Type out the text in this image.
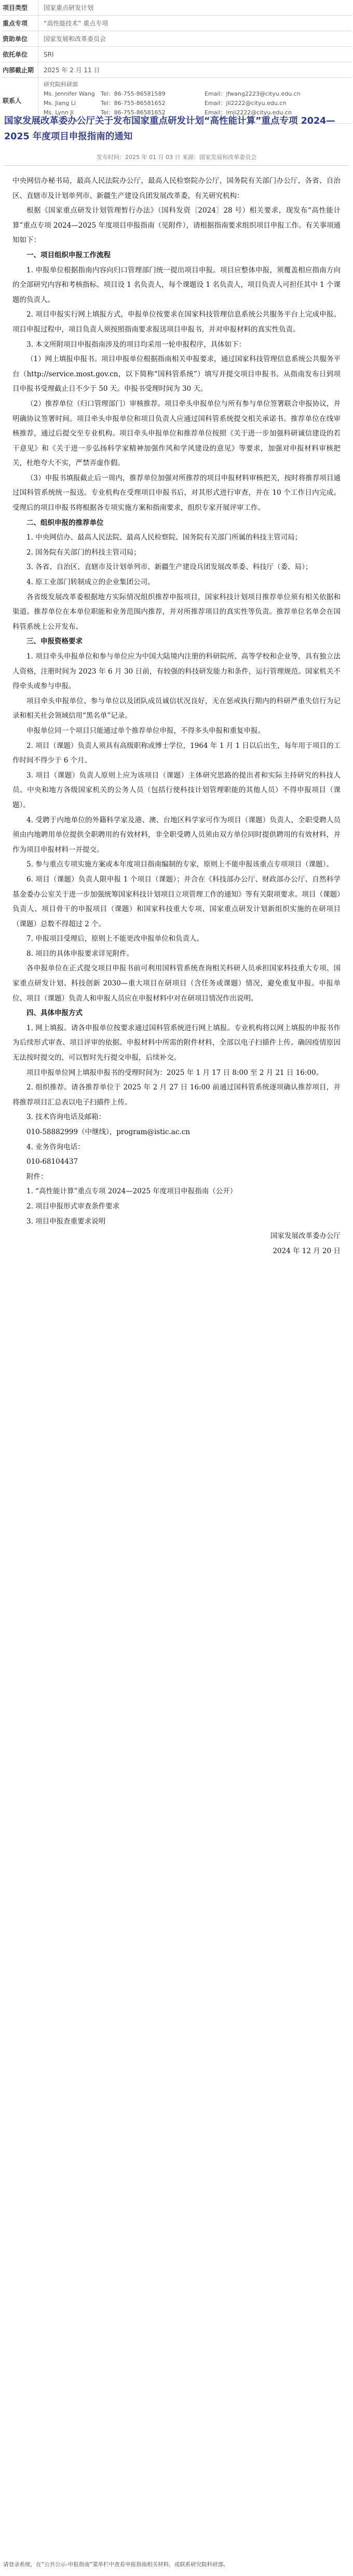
项目类型	国家重点研发计划
重点专项	“高性能技术” 重点专项
资助单位	国家发展和改革委员会
依托单位	SRI
内部截止期	2025 年 2 月 11 日
联系人
研究院科研部
Ms. Jennifer Wang	Tel：86-755-86581589	Email：jfwang2223@cityu.edu.cn
Ms. Jiang Li	Tel：86-755-86581652	Email：jli2222@cityu.edu.cn
Ms. Lynn Ji	Tel：86-755-86581652	Email：lmji2222@cityu.edu.cn
国家发展改革委办公厅关于发布国家重点研发计划“高性能计算”重点专项 2024—2025 年度项目申报指南的通知
发布时间：2025 年 01 月 03 日 来源：国家发展和改革委员会

中央网信办秘书局，最高人民法院办公厅，最高人民检察院办公厅，国务院有关部门办公厅，各省、自治区、直辖市及计划单列市、新疆生产建设兵团发展改革委，有关研究机构：

根据《国家重点研发计划管理暂行办法》（国科发资〔2024〕28 号）相关要求，现发布“高性能计算”重点专项 2024—2025 年度项目申报指南（见附件），请根据指南要求组织项目申报工作。有关事项通知如下：

一、项目组织申报工作流程

1. 申报单位根据指南内容向归口管理部门统一提出项目申报。项目应整体申报，须覆盖相应指南方向的全部研究内容和考核指标。项目设 1 名负责人，每个课题设 1 名负责人，项目负责人可担任其中 1 个课题的负责人。

2. 项目申报实行网上填报方式，申报单位按要求在国家科技管理信息系统公共服务平台上完成申报。项目申报过程中，项目负责人须按照指南要求报送项目申报书，并对申报材料的真实性负责。

3. 本文所附项目申报指南涉及的项目均采用一轮申报程序，具体如下：

（1）网上填报申报书。项目申报单位根据指南相关申报要求，通过国家科技管理信息系统公共服务平台（http://service.most.gov.cn，以下简称“国科管系统”）填写并提交项目申报书。从指南发布日到项目申报书受理截止日不少于 50 天。申报书受理时间为 30 天。

（2）推荐单位（归口管理部门）审核推荐。项目牵头申报单位与所有参与单位签署联合申报协议，并明确协议签署时间。项目牵头申报单位和项目负责人应通过国科管系统提交相关承诺书。推荐单位在线审核推荐，通过后提交至专业机构。项目牵头申报单位和推荐单位按照《关于进一步加强科研诚信建设的若干意见》和《关于进一步弘扬科学家精神加强作风和学风建设的意见》等要求，加强对申报材料审核把关，杜绝夸大不实，严禁弄虚作假。

（3）申报书填报截止后一周内，推荐单位加强对所推荐的项目申报材料审核把关，按时将推荐项目通过国科管系统统一报送。专业机构在受理项目申报书后，对其形式进行审查，并在 10 个工作日内完成。受理后的项目申报书将根据各专项实施方案和指南要求，组织专家开展评审工作。

二、组织申报的推荐单位

1. 中央网信办、最高人民法院、最高人民检察院、国务院有关部门所属的科技主管司局；

2. 国务院有关部门的科技主管司局；

3. 各省、自治区、直辖市及计划单列市、新疆生产建设兵团发展改革委、科技厅（委、局）；

4. 原工业部门转制成立的企业集团公司。

各省级发展改革委根据地方实际情况组织推荐申报项目，国家科技计划项目推荐单位须有相关依据和渠道。推荐单位在本单位职能和业务范围内推荐，并对所推荐项目的真实性等负责。推荐单位名单会在国科管系统上公开发布。

三、申报资格要求

1. 项目牵头申报单位和参与单位应为中国大陆境内注册的科研院所、高等学校和企业等，具有独立法人资格，注册时间为 2023 年 6 月 30 日前，有较强的科技研发能力和条件，运行管理规范。国家机关不得牵头或参与申报。

项目牵头申报单位、参与单位以及团队成员诚信状况良好，无在惩戒执行期内的科研严重失信行为记录和相关社会领域信用“黑名单”记录。

申报单位同一个项目只能通过单个推荐单位申报，不得多头申报和重复申报。

2. 项目（课题）负责人须具有高级职称或博士学位，1964 年 1 月 1 日以后出生，每年用于项目的工作时间不得少于 6 个月。

3. 项目（课题）负责人原则上应为该项目（课题）主体研究思路的提出者和实际主持研究的科技人员。中央和地方各级国家机关的公务人员（包括行使科技计划管理职能的其他人员）不得申报项目（课题）。

4. 受聘于内地单位的外籍科学家及港、澳、台地区科学家可作为项目（课题）负责人，全职受聘人员须由内地聘用单位提供全职聘用的有效材料，非全职受聘人员须由双方单位同时提供聘用的有效材料，并作为项目申报材料一并提交。

5. 参与重点专项实施方案或本年度项目指南编制的专家，原则上不能申报该重点专项项目（课题）。

6. 项目（课题）负责人限申报 1 个项目（课题）；并合在《科技部办公厅、财政部办公厅、自然科学基金委办公室关于进一步加强统筹国家科技计划项目立项管理工作的通知》等有关限项要求。项目（课题）负责人、项目骨干的申报项目（课题）和国家科技重大专项、国家重点研发计划新组织实施的在研项目（课题）总数不得超过 2 个。

7. 申报项目受理后，原则上不能更改申报单位和负责人。

8. 项目的具体申报要求详见附件。

各申报单位在正式提交项目申报书前可利用国科管系统查询相关科研人员承担国家科技重大专项、国家重点研发计划、科技创新 2030—重大项目在研项目（含任务或课题）情况，避免重复申报。申报单位、项目（课题）负责人和申报人员应在申报材料中对在研项目情况作出说明。

四、具体申报方式

1. 网上填报。请各申报单位按要求通过国科管系统进行网上填报。专业机构将以网上填报的申报书作为后续形式审查、项目评审的依据。申报材料中所需的附件材料，全部以电子扫描件上传。确因疫情原因无法按时提交的，可以暂时先行提交申报，后续补交。

项目申报单位网上填报申报书的受理时间为：2025 年 1 月 17 日 8:00 至 2 月 21 日 16:00。

2. 组织推荐。请各推荐单位于 2025 年 2 月 27 日 16:00 前通过国科管系统逐项确认推荐项目，并将推荐项目汇总表以电子扫描件上传。

3. 技术咨询电话及邮箱：

010-58882999（中继线），program@istic.ac.cn

4. 业务咨询电话：

010-68104437

附件：

1. “高性能计算”重点专项 2024—2025 年度项目申报指南（公开）

2. 项目申报形式审查条件要求

3. 项目申报查重要求说明

国家发展改革委办公厅

2024 年 12 月 20 日

请登录系统，在“公共公示-申报指南”菜单栏中查看申报指南相关材料，或联系研究院科研部。
